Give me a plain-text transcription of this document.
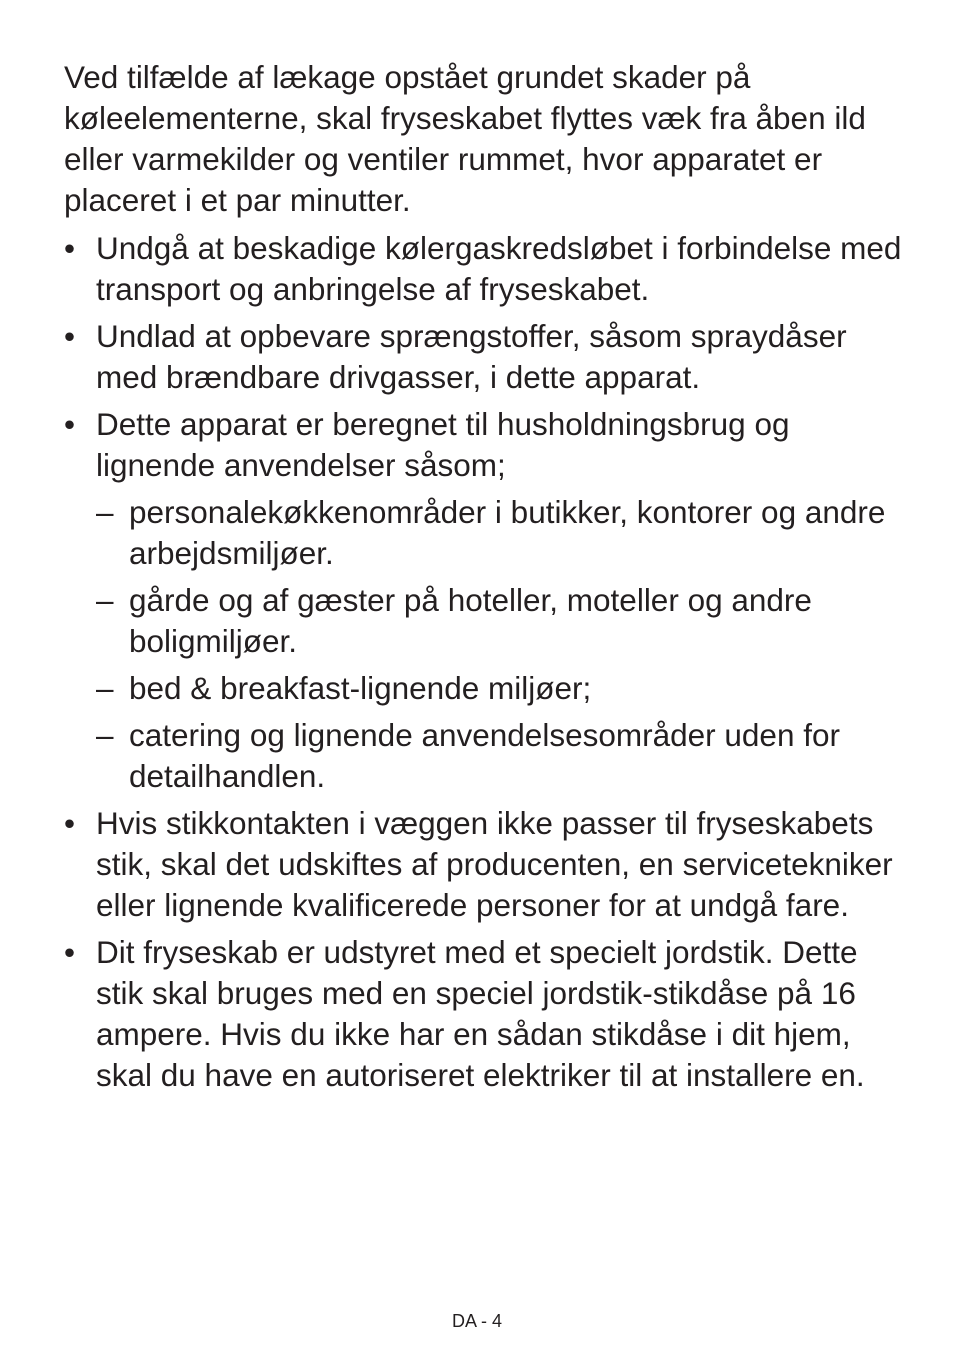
Ved tilfælde af lækage opstået grundet skader på køleelementerne, skal fryseskabet flyttes væk fra åben ild eller varmekilder og ventiler rummet, hvor apparatet er placeret i et par minutter.

• Undgå at beskadige kølergaskredsløbet i forbindelse med transport og anbringelse af fryseskabet.
• Undlad at opbevare sprængstoffer, såsom spraydåser med brændbare drivgasser, i dette apparat.
• Dette apparat er beregnet til husholdningsbrug og lignende anvendelser såsom;
– personalekøkkenområder i butikker, kontorer og andre arbejdsmiljøer.
– gårde og af gæster på hoteller, moteller og andre boligmiljøer.
– bed & breakfast-lignende miljøer;
– catering og lignende anvendelsesområder uden for detailhandlen.
• Hvis stikkontakten i væggen ikke passer til fryseskabets stik, skal det udskiftes af producenten, en servicetekniker eller lignende kvalificerede personer for at undgå fare.
• Dit fryseskab er udstyret med et specielt jordstik. Dette stik skal bruges med en speciel jordstik-stikdåse på 16 ampere. Hvis du ikke har en sådan stikdåse i dit hjem, skal du have en autoriseret elektriker til at installere en.
DA - 4
